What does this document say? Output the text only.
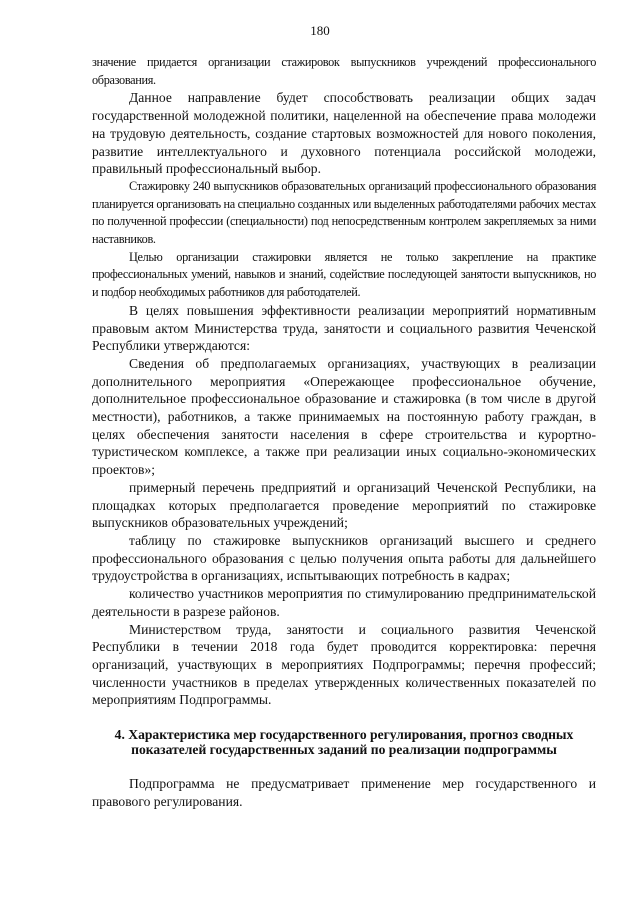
180

значение придается организации стажировок выпускников учреждений профессионального образования.

Данное направление будет способствовать реализации общих задач государственной молодежной политики, нацеленной на обеспечение права молодежи на трудовую деятельность, создание стартовых возможностей для нового поколения, развитие интеллектуального и духовного потенциала российской молодежи, правильный профессиональный выбор.

Стажировку 240 выпускников образовательных организаций профессионального образования планируется организовать на специально созданных или выделенных работодателями рабочих местах по полученной профессии (специальности) под непосредственным контролем закрепляемых за ними наставников.

Целью организации стажировки является не только закрепление на практике профессиональных умений, навыков и знаний, содействие последующей занятости выпускников, но и подбор необходимых работников для работодателей.

В целях повышения эффективности реализации мероприятий нормативным правовым актом Министерства труда, занятости и социального развития Чеченской Республики утверждаются:

Сведения об предполагаемых организациях, участвующих в реализации дополнительного мероприятия «Опережающее профессиональное обучение, дополнительное профессиональное образование и стажировка (в том числе в другой местности), работников, а также принимаемых на постоянную работу граждан, в целях обеспечения занятости населения в сфере строительства и курортно-туристическом комплексе, а также при реализации иных социально-экономических проектов»;

примерный перечень предприятий и организаций Чеченской Республики, на площадках которых предполагается проведение мероприятий по стажировке выпускников образовательных учреждений;

таблицу по стажировке выпускников организаций высшего и среднего профессионального образования с целью получения опыта работы для дальнейшего трудоустройства в организациях, испытывающих потребность в кадрах;

количество участников мероприятия по стимулированию предпринимательской деятельности в разрезе районов.

Министерством труда, занятости и социального развития Чеченской Республики в течении 2018 года будет проводится корректировка: перечня организаций, участвующих в мероприятиях Подпрограммы; перечня профессий; численности участников в пределах утвержденных количественных показателей по мероприятиям Подпрограммы.

4. Характеристика мер государственного регулирования, прогноз сводных показателей государственных заданий по реализации подпрограммы

Подпрограмма не предусматривает применение мер государственного и правового регулирования.
